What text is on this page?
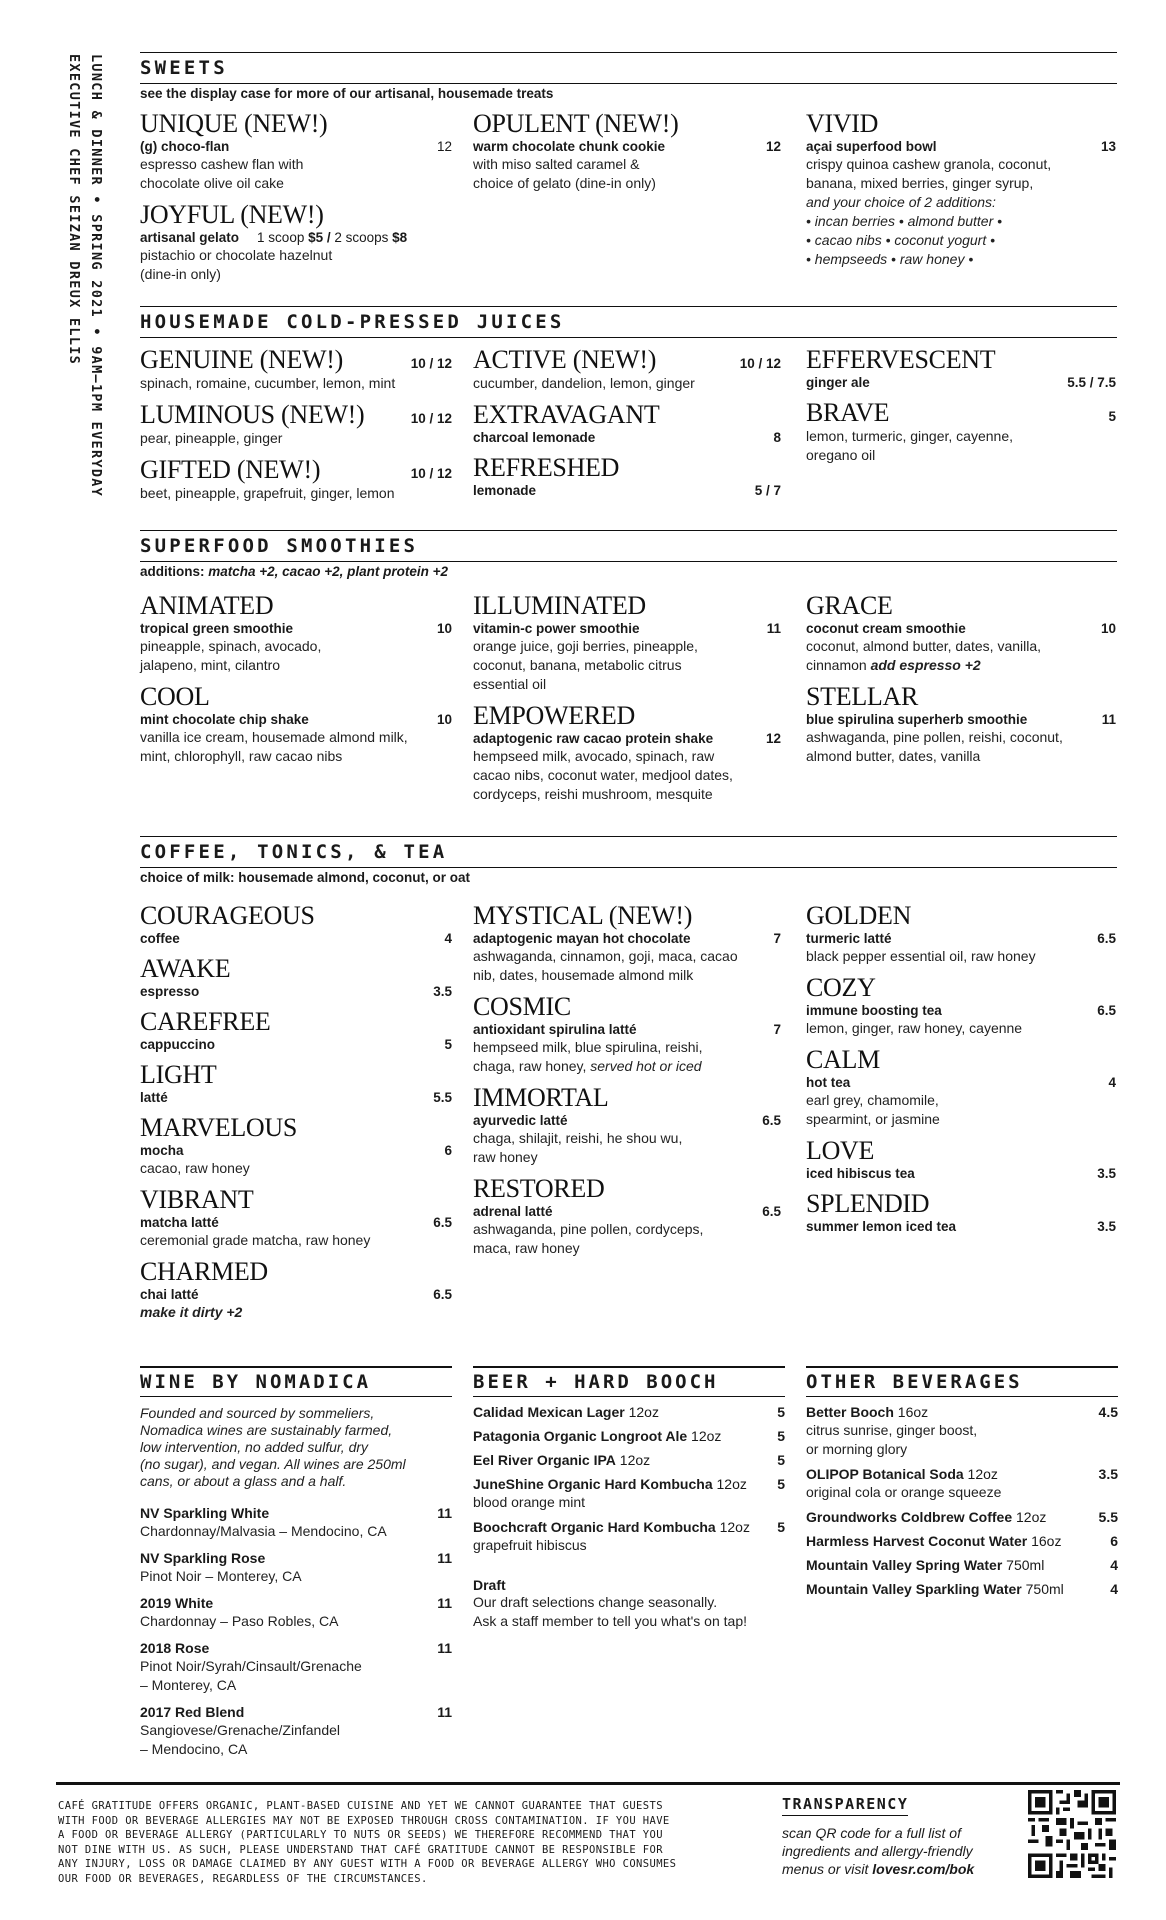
LUNCH & DINNER • SPRING 2021 • 9AM–1PM EVERYDAY
EXECUTIVE CHEF SEIZAN DREUX ELLIS	SWEETS
see the display case for more of our artisanal, housemade treats
UNIQUE (NEW!)
(g) choco-flan	12
espresso cashew flan with
chocolate olive oil cake
JOYFUL (NEW!)
artisanal gelato 1 scoop $5 / 2 scoops $8
pistachio or chocolate hazelnut
(dine-in only)
OPULENT (NEW!)
warm chocolate chunk cookie	12
with miso salted caramel &
choice of gelato (dine-in only)
VIVID
açai superfood bowl	13
crispy quinoa cashew granola, coconut,
banana, mixed berries, ginger syrup,
and your choice of 2 additions:
• incan berries • almond butter •
• cacao nibs • coconut yogurt •
• hempseeds • raw honey •
HOUSEMADE COLD-PRESSED JUICES
GENUINE (NEW!)	10 / 12
spinach, romaine, cucumber, lemon, mint
LUMINOUS (NEW!)	10 / 12
pear, pineapple, ginger
GIFTED (NEW!)	10 / 12
beet, pineapple, grapefruit, ginger, lemon
ACTIVE (NEW!)	10 / 12
cucumber, dandelion, lemon, ginger
EXTRAVAGANT
charcoal lemonade	8
REFRESHED
lemonade	5 / 7
EFFERVESCENT
ginger ale	5.5 / 7.5
BRAVE	5
lemon, turmeric, ginger, cayenne,
oregano oil
SUPERFOOD SMOOTHIES
additions: matcha +2, cacao +2, plant protein +2
ANIMATED
tropical green smoothie	10
pineapple, spinach, avocado,
jalapeno, mint, cilantro
COOL
mint chocolate chip shake	10
vanilla ice cream, housemade almond milk,
mint, chlorophyll, raw cacao nibs
ILLUMINATED
vitamin-c power smoothie	11
orange juice, goji berries, pineapple,
coconut, banana, metabolic citrus
essential oil
EMPOWERED
adaptogenic raw cacao protein shake	12
hempseed milk, avocado, spinach, raw
cacao nibs, coconut water, medjool dates,
cordyceps, reishi mushroom, mesquite
GRACE
coconut cream smoothie	10
coconut, almond butter, dates, vanilla,
cinnamon add espresso +2
STELLAR
blue spirulina superherb smoothie	11
ashwaganda, pine pollen, reishi, coconut,
almond butter, dates, vanilla
COFFEE, TONICS, & TEA
choice of milk: housemade almond, coconut, or oat
COURAGEOUS
coffee	4
AWAKE
espresso	3.5
CAREFREE
cappuccino	5
LIGHT
latté	5.5
MARVELOUS
mocha	6
cacao, raw honey
VIBRANT
matcha latté	6.5
ceremonial grade matcha, raw honey
CHARMED
chai latté	6.5
make it dirty +2
MYSTICAL (NEW!)
adaptogenic mayan hot chocolate	7
ashwaganda, cinnamon, goji, maca, cacao
nib, dates, housemade almond milk
COSMIC
antioxidant spirulina latté	7
hempseed milk, blue spirulina, reishi,
chaga, raw honey, served hot or iced
IMMORTAL
ayurvedic latté	6.5
chaga, shilajit, reishi, he shou wu,
raw honey
RESTORED
adrenal latté	6.5
ashwaganda, pine pollen, cordyceps,
maca, raw honey
GOLDEN
turmeric latté	6.5
black pepper essential oil, raw honey
COZY
immune boosting tea	6.5
lemon, ginger, raw honey, cayenne
CALM
hot tea	4
earl grey, chamomile,
spearmint, or jasmine
LOVE
iced hibiscus tea	3.5
SPLENDID
summer lemon iced tea	3.5
WINE BY NOMADICA
Founded and sourced by sommeliers,
Nomadica wines are sustainably farmed,
low intervention, no added sulfur, dry
(no sugar), and vegan. All wines are 250ml
cans, or about a glass and a half.
NV Sparkling White	11
Chardonnay/Malvasia – Mendocino, CA
NV Sparkling Rose	11
Pinot Noir – Monterey, CA
2019 White	11
Chardonnay – Paso Robles, CA
2018 Rose	11
Pinot Noir/Syrah/Cinsault/Grenache
– Monterey, CA
2017 Red Blend	11
Sangiovese/Grenache/Zinfandel
– Mendocino, CA
BEER + HARD BOOCH
Calidad Mexican Lager 12oz	5
Patagonia Organic Longroot Ale 12oz	5
Eel River Organic IPA 12oz	5
JuneShine Organic Hard Kombucha 12oz 5
blood orange mint
Boochcraft Organic Hard Kombucha 12oz 5
grapefruit hibiscus
Draft
Our draft selections change seasonally.
Ask a staff member to tell you what's on tap!
OTHER BEVERAGES
Better Booch 16oz	4.5
citrus sunrise, ginger boost,
or morning glory
OLIPOP Botanical Soda 12oz	3.5
original cola or orange squeeze
Groundworks Coldbrew Coffee 12oz	5.5
Harmless Harvest Coconut Water 16oz	6
Mountain Valley Spring Water 750ml	4
Mountain Valley Sparkling Water 750ml	4
CAFÉ GRATITUDE OFFERS ORGANIC, PLANT-BASED CUISINE AND YET WE CANNOT GUARANTEE THAT GUESTS
WITH FOOD OR BEVERAGE ALLERGIES MAY NOT BE EXPOSED THROUGH CROSS CONTAMINATION. IF YOU HAVE
A FOOD OR BEVERAGE ALLERGY (PARTICULARLY TO NUTS OR SEEDS) WE THEREFORE RECOMMEND THAT YOU
NOT DINE WITH US. AS SUCH, PLEASE UNDERSTAND THAT CAFÉ GRATITUDE CANNOT BE RESPONSIBLE FOR
ANY INJURY, LOSS OR DAMAGE CLAIMED BY ANY GUEST WITH A FOOD OR BEVERAGE ALLERGY WHO CONSUMES
OUR FOOD OR BEVERAGES, REGARDLESS OF THE CIRCUMSTANCES.
TRANSPARENCY
scan QR code for a full list of
ingredients and allergy-friendly
menus or visit lovesr.com/bok
